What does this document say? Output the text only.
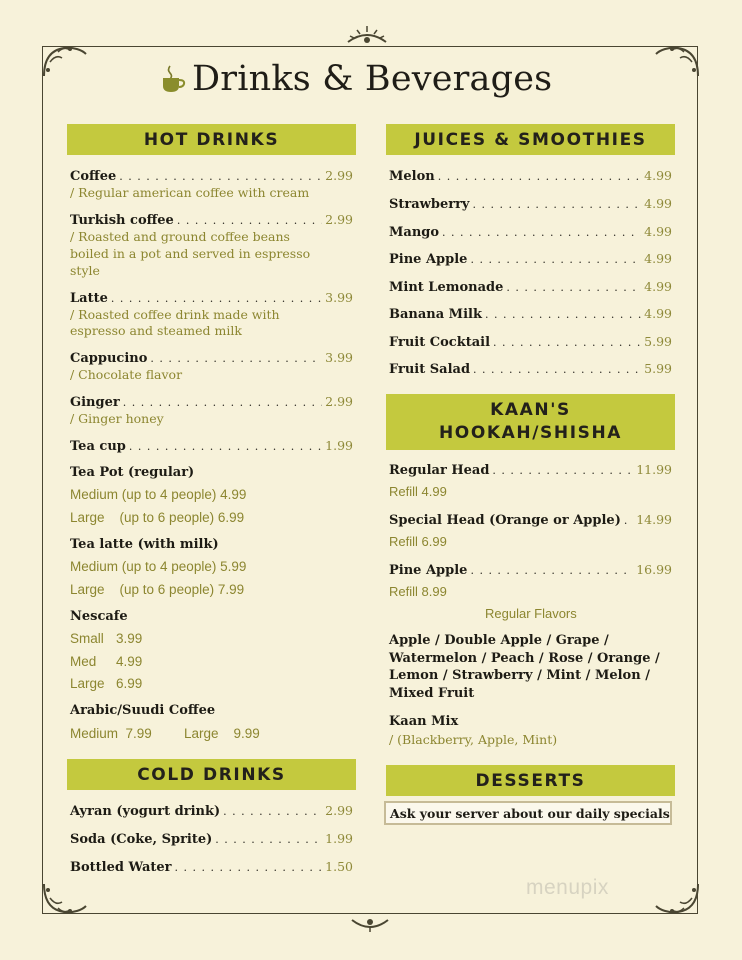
Drinks & Beverages
HOT DRINKS
Coffee . . .	2.99
/ Regular american coffee with cream
Turkish coffee . . .	2.99
/ Roasted and ground coffee beans
boiled in a pot and served in espresso
style
Latte . . .	3.99
/ Roasted coffee drink made with
espresso and steamed milk
Cappucino . . .	3.99
/ Chocolate flavor
Ginger . . .	2.99
/ Ginger honey
Tea cup . . .	1.99
Tea Pot (regular)
Medium (up to 4 people) 4.99
Large    (up to 6 people) 6.99
Tea latte (with milk)
Medium (up to 4 people) 5.99
Large    (up to 6 people) 7.99
Nescafe
Small 3.99
Med 4.99
Large 6.99
Arabic/Suudi Coffee
Medium  7.99 Large    9.99
COLD DRINKS
Ayran (yogurt drink) . . .	2.99
Soda (Coke, Sprite) . . .	1.99
Bottled Water . . .	1.50
JUICES & SMOOTHIES
Melon . . .	4.99
Strawberry . . .	4.99
Mango . . .	4.99
Pine Apple . . .	4.99
Mint Lemonade . . .	4.99
Banana Milk . . .	4.99
Fruit Cocktail . . .	5.99
Fruit Salad . . .	5.99
KAAN'S
HOOKAH/SHISHA
Regular Head . . .	11.99
Refill 4.99
Special Head (Orange or Apple) . . . 14.99
Refill 6.99
Pine Apple . . .	16.99
Refill 8.99
Regular Flavors
Apple / Double Apple / Grape /
Watermelon / Peach / Rose / Orange /
Lemon / Strawberry / Mint / Melon /
Mixed Fruit
Kaan Mix
/ (Blackberry, Apple, Mint)
DESSERTS
Ask your server about our daily specials
menupix
